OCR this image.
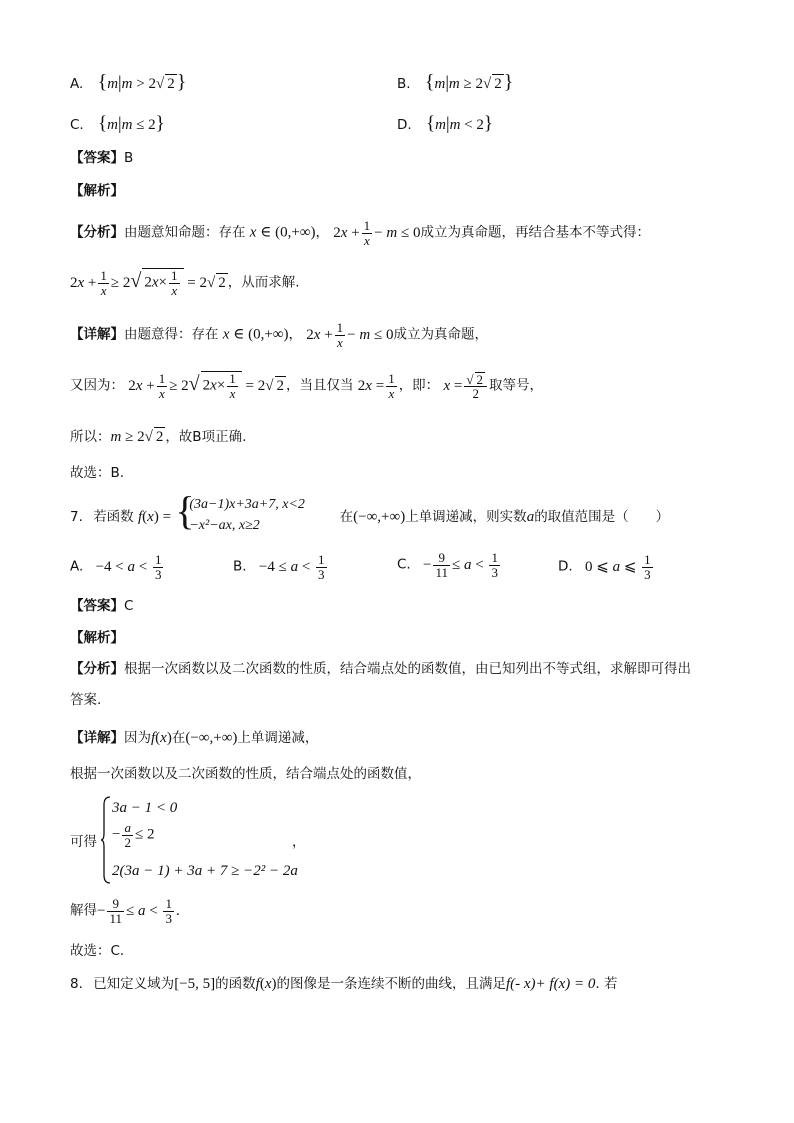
A. {m|m > 2√ 2 }	B. {m|m ≥ 2√ 2 }
C. {m|m ≤ 2}	D. {m|m < 2}
【答案】B
【解析】
【分析】由题意知命题：存在 x ∈ (0,+∞)， $2x + \frac{1}{x} - m \le 0$成立为真命题，再结合基本不等式得：
$2x + \frac{1}{x} \ge 2√$ $2x\times \frac{1}{x} = 2√$ 2 ，从而求解.
【详解】由题意得：存在 x ∈ (0,+∞)， $2x + \frac{1}{x} - m \le 0$成立为真命题，
又因为： $2x + \frac{1}{x} \ge 2√$ $2x\times \frac{1}{x} = 2√$ 2 ，当且仅当 $2x = \frac{1}{x}$ ，即： $x = \frac{√ 2}{2}$ 取等号，
所以：m ≥ 2√ 2 ，故B项正确.
故选：B.
7. 若函数 f(x) = {
(3a−1)x+3a+7, x<2
−x²−ax, x≥2
在(−∞,+∞)上单调递减，则实数a的取值范围是（　　）
A. $-4 < a < \frac{1}{3}$	B. $-4 \le a < \frac{1}{3}$	C. − $\frac{9}{11} \le a < \frac{1}{3}$	D. 0 ⩽ a ⩽ $\frac{1}{3}$
【答案】C
【解析】
【分析】根据一次函数以及二次函数的性质，结合端点处的函数值，由已知列出不等式组，求解即可得出
答案.
【详解】因为f(x)在(−∞,+∞)上单调递减，
根据一次函数以及二次函数的性质，结合端点处的函数值，
可得
3a − 1 < 0
− $\frac{a}{2} \le 2$
2(3a − 1) + 3a + 7 ≥ −2² − 2a
，
解得− $\frac{9}{11} \le a < \frac{1}{3}$ .
故选：C.
8. 已知定义域为[−5, 5]的函数f(x)的图像是一条连续不断的曲线，且满足f(- x)+ f(x) = 0. 若
